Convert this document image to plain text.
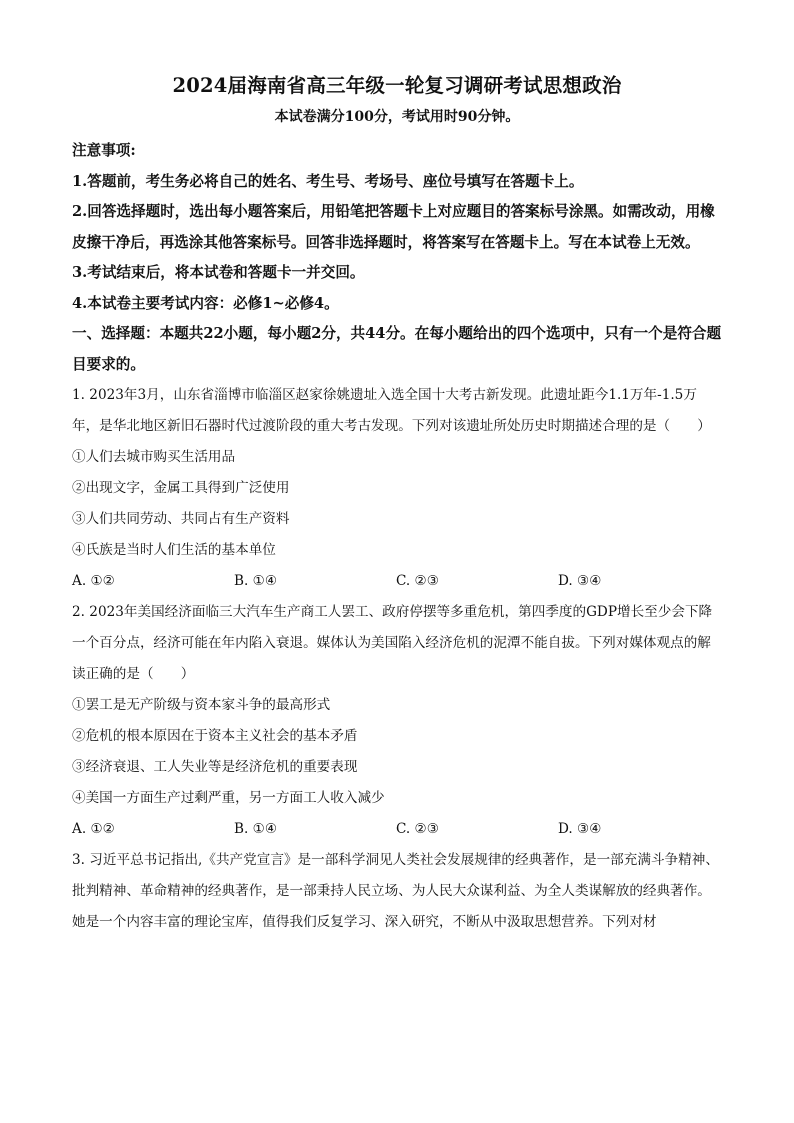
2024届海南省高三年级一轮复习调研考试思想政治
本试卷满分100分，考试用时90分钟。
注意事项:
1.答题前，考生务必将自己的姓名、考生号、考场号、座位号填写在答题卡上。
2.回答选择题时，选出每小题答案后，用铅笔把答题卡上对应题目的答案标号涂黑。如需改动，用橡皮擦干净后，再选涂其他答案标号。回答非选择题时，将答案写在答题卡上。写在本试卷上无效。
3.考试结束后，将本试卷和答题卡一并交回。
4.本试卷主要考试内容：必修1~必修4。
一、选择题：本题共22小题，每小题2分，共44分。在每小题给出的四个选项中，只有一个是符合题目要求的。
1. 2023年3月，山东省淄博市临淄区赵家徐姚遗址入选全国十大考古新发现。此遗址距今1.1万年-1.5万年，是华北地区新旧石器时代过渡阶段的重大考古发现。下列对该遗址所处历史时期描述合理的是（　　）
①人们去城市购买生活用品
②出现文字，金属工具得到广泛使用
③人们共同劳动、共同占有生产资料
④氏族是当时人们生活的基本单位
A. ①②	B. ①④	C. ②③	D. ③④
2. 2023年美国经济面临三大汽车生产商工人罢工、政府停摆等多重危机，第四季度的GDP增长至少会下降一个百分点，经济可能在年内陷入衰退。媒体认为美国陷入经济危机的泥潭不能自拔。下列对媒体观点的解读正确的是（　　）
①罢工是无产阶级与资本家斗争的最高形式
②危机的根本原因在于资本主义社会的基本矛盾
③经济衰退、工人失业等是经济危机的重要表现
④美国一方面生产过剩严重，另一方面工人收入减少
A. ①②	B. ①④	C. ②③	D. ③④
3. 习近平总书记指出,《共产党宣言》是一部科学洞见人类社会发展规律的经典著作，是一部充满斗争精神、批判精神、革命精神的经典著作，是一部秉持人民立场、为人民大众谋利益、为全人类谋解放的经典著作。她是一个内容丰富的理论宝库，值得我们反复学习、深入研究，不断从中汲取思想营养。下列对材
